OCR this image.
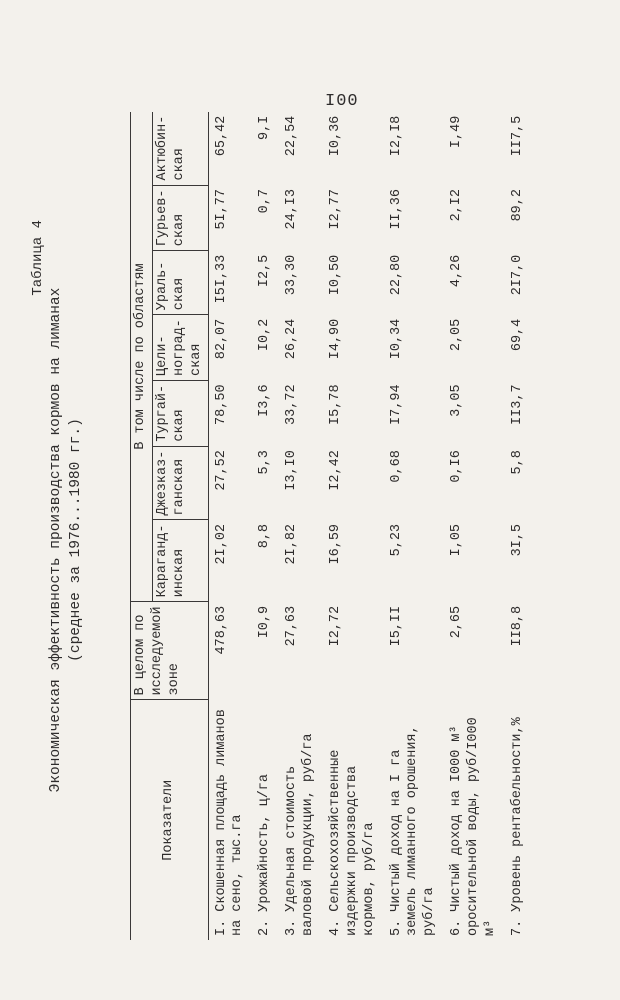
I00
Таблица 4
Экономическая эффективность производства кормов на лиманах (среднее за 1976...1980 гг.)
Показатели	В целом по исследуемой зоне	В том числе по областям						
		Караганд-инская	Джезказ-ганская	Тургай-ская	Цели-ноград-ская	Ураль-ская	Гурьев-ская	Актюбин-ская
I. Скошенная площадь лиманов на сено, тыс.га	478,63	2I,02	27,52	78,50	82,07	I5I,33	5I,77	65,42
2. Урожайность, ц/га	I0,9	8,8	5,3	I3,6	I0,2	I2,5	0,7	9,I
3. Удельная стоимость валовой продукции, руб/га	27,63	2I,82	I3,I0	33,72	26,24	33,30	24,I3	22,54
4. Сельскохозяйственные издержки производства кормов, руб/га	I2,72	I6,59	I2,42	I5,78	I4,90	I0,50	I2,77	I0,36
5. Чистый доход на I га земель лиманного орошения, руб/га	I5,II	5,23	0,68	I7,94	I0,34	22,80	II,36	I2,I8
6. Чистый доход на I000 м³ оросительной воды, руб/I000 м³	2,65	I,05	0,I6	3,05	2,05	4,26	2,I2	I,49
7. Уровень рентабельности,%	II8,8	3I,5	5,8	II3,7	69,4	2I7,0	89,2	II7,5
